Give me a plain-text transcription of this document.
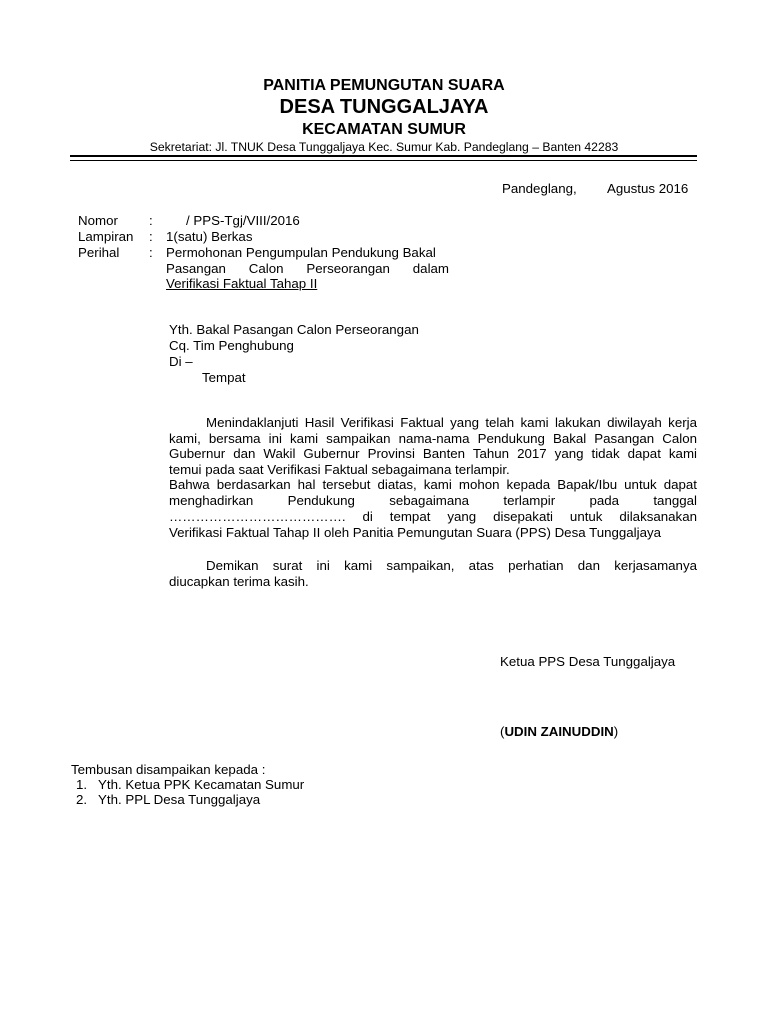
PANITIA PEMUNGUTAN SUARA
DESA TUNGGALJAYA
KECAMATAN SUMUR
Sekretariat: Jl. TNUK Desa Tunggaljaya Kec. Sumur Kab. Pandeglang – Banten 42283
Pandeglang, Agustus 2016
Nomor :	/ PPS-Tgj/VIII/2016
Lampiran : 1(satu) Berkas
Perihal : Permohonan Pengumpulan Pendukung Bakal
Pasangan Calon Perseorangan dalam
Verifikasi Faktual Tahap II
Yth. Bakal Pasangan Calon Perseorangan
Cq. Tim Penghubung
Di –
Tempat
Menindaklanjuti Hasil Verifikasi Faktual yang telah kami lakukan diwilayah kerja
kami, bersama ini kami sampaikan nama-nama Pendukung Bakal Pasangan Calon
Gubernur dan Wakil Gubernur Provinsi Banten Tahun 2017 yang tidak dapat kami
temui pada saat Verifikasi Faktual sebagaimana terlampir.
Bahwa berdasarkan hal tersebut diatas, kami mohon kepada Bapak/Ibu untuk dapat
menghadirkan Pendukung sebagaimana terlampir pada tanggal
…………………………………. di tempat yang disepakati untuk dilaksanakan
Verifikasi Faktual Tahap II oleh Panitia Pemungutan Suara (PPS) Desa Tunggaljaya
Demikan surat ini kami sampaikan, atas perhatian dan kerjasamanya
diucapkan terima kasih.
Ketua PPS Desa Tunggaljaya
(UDIN ZAINUDDIN)
Tembusan disampaikan kepada :
1. Yth. Ketua PPK Kecamatan Sumur
2. Yth. PPL Desa Tunggaljaya
